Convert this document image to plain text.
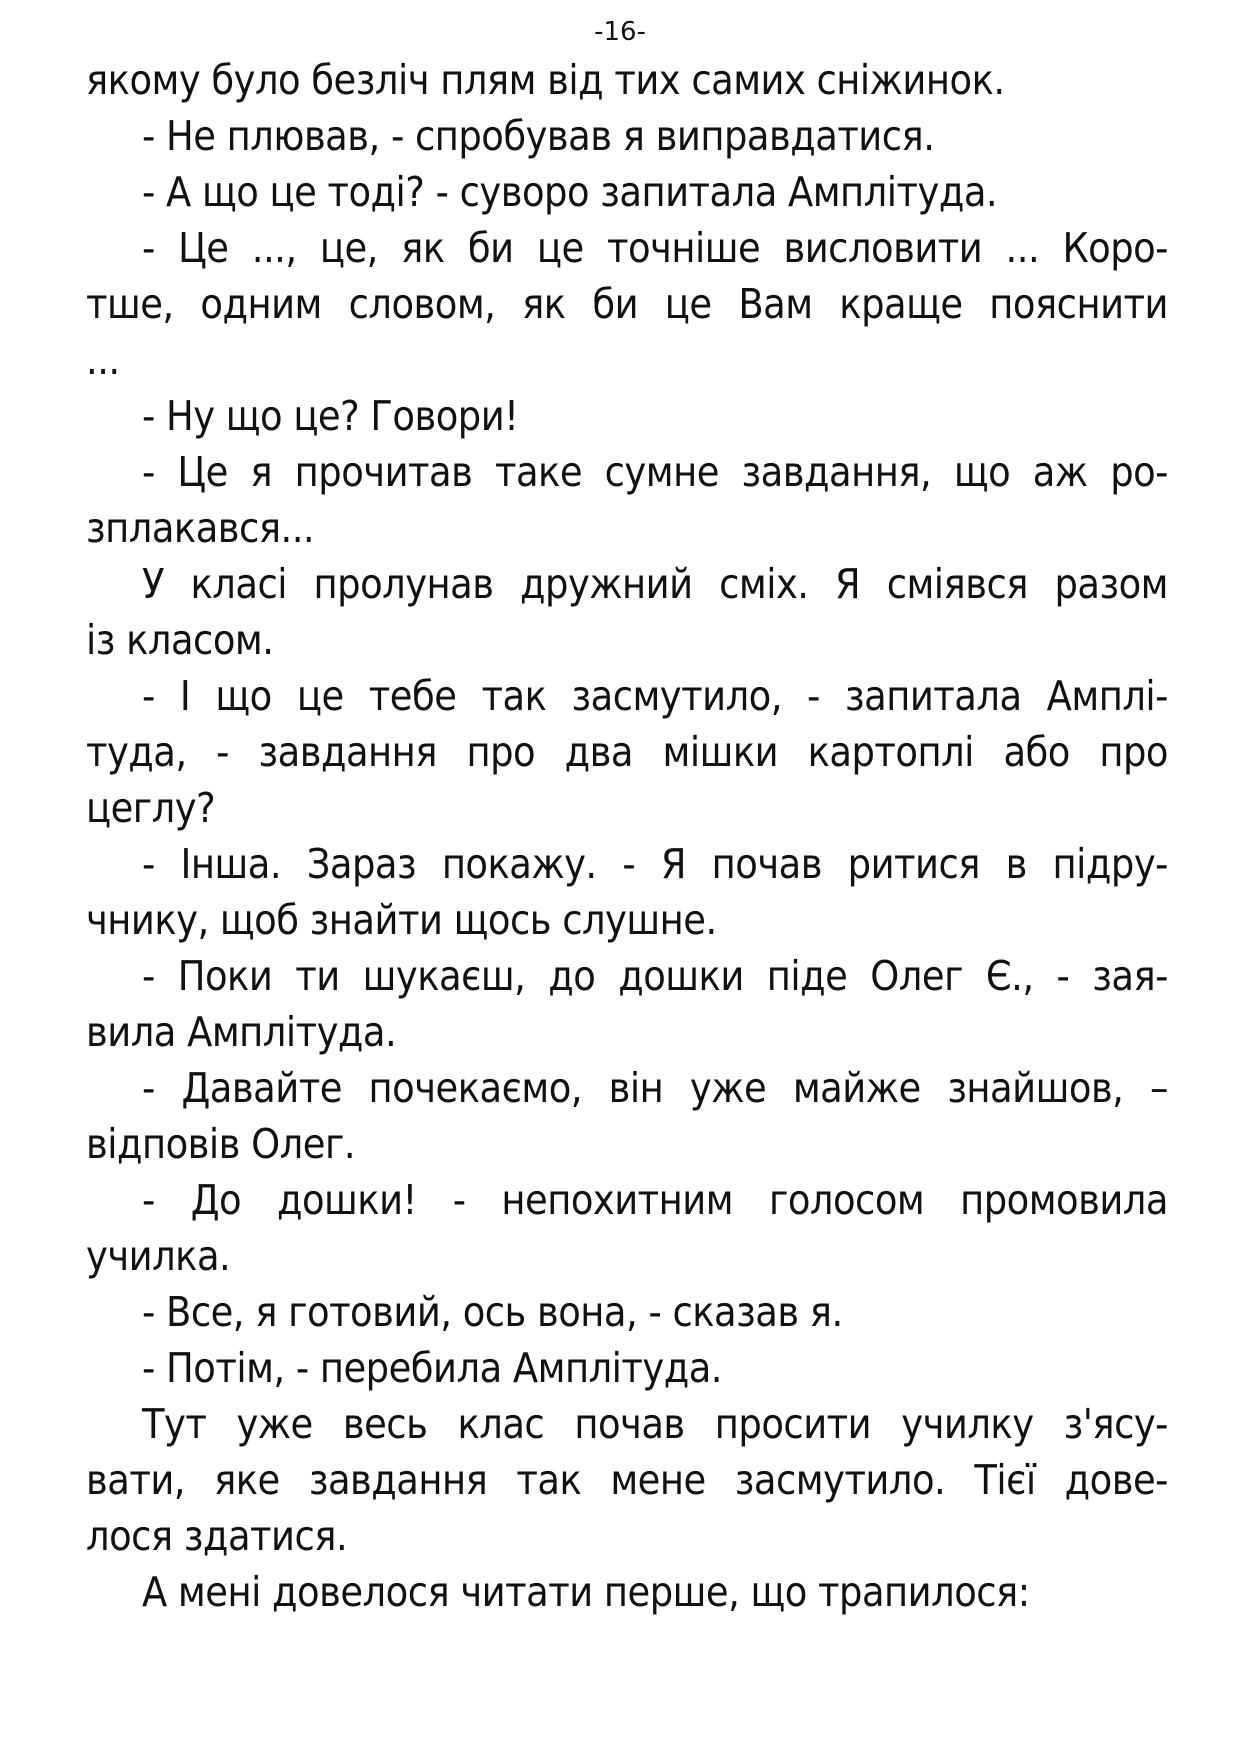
-16-
якому було безліч плям від тих самих сніжинок.
- Не плював, - спробував я виправдатися.
- А що це тоді? - суворо запитала Амплітуда.
- Це ..., це, як би це точніше висловити ... Коро-
тше, одним словом, як би це Вам краще пояснити
...
- Ну що це? Говори!
- Це я прочитав таке сумне завдання, що аж ро-
зплакався...
У класі пролунав дружний сміх. Я сміявся разом
із класом.
- І що це тебе так засмутило, - запитала Амплі-
туда, - завдання про два мішки картоплі або про
цеглу?
- Інша. Зараз покажу. - Я почав ритися в підру-
чнику, щоб знайти щось слушне.
- Поки ти шукаєш, до дошки піде Олег Є., - зая-
вила Амплітуда.
- Давайте почекаємо, він уже майже знайшов, –
відповів Олег.
- До дошки! - непохитним голосом промовила
училка.
- Все, я готовий, ось вона, - сказав я.
- Потім, - перебила Амплітуда.
Тут уже весь клас почав просити училку з'ясу-
вати, яке завдання так мене засмутило. Тієї дове-
лося здатися.
А мені довелося читати перше, що трапилося:
